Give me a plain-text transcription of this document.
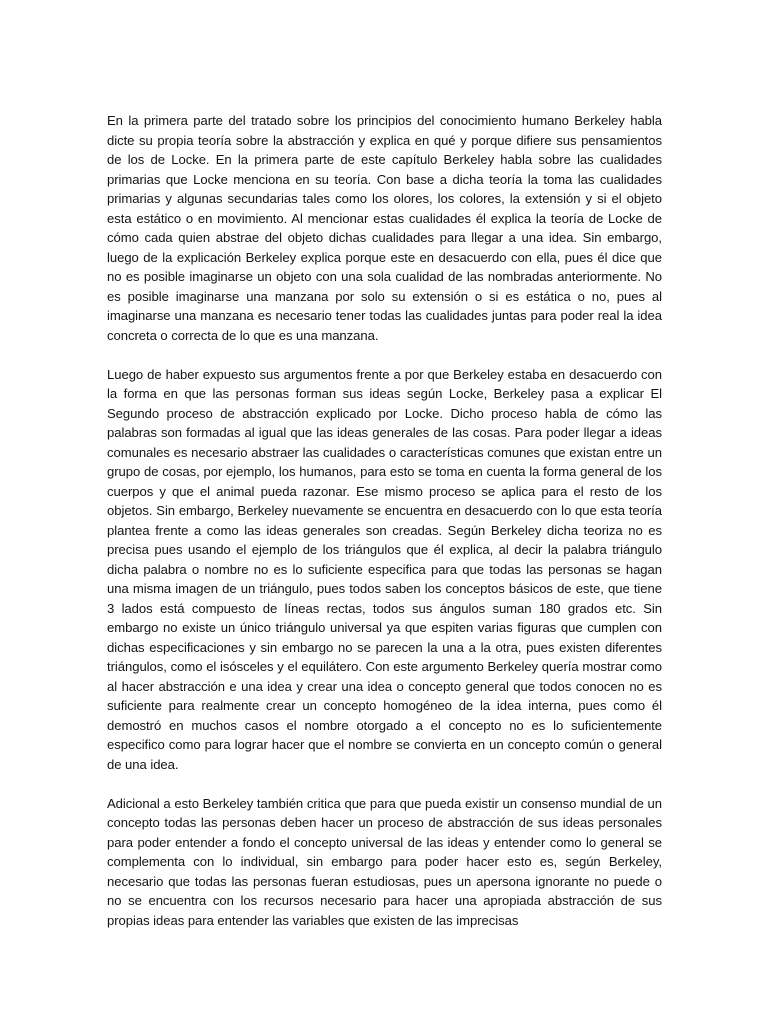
En la primera parte del tratado sobre los principios del conocimiento humano Berkeley habla dicte su propia teoría sobre la abstracción y explica en qué y porque difiere sus pensamientos de los de Locke. En la primera parte de este capítulo Berkeley habla sobre las cualidades primarias que Locke menciona en su teoría. Con base a dicha teoría la toma las cualidades primarias y algunas secundarias tales como los olores, los colores, la extensión y si el objeto esta estático o en movimiento. Al mencionar estas cualidades él explica la teoría de Locke de cómo cada quien abstrae del objeto dichas cualidades para llegar a una idea. Sin embargo, luego de la explicación Berkeley explica porque este en desacuerdo con ella, pues él dice que no es posible imaginarse un objeto con una sola cualidad de las nombradas anteriormente. No es posible imaginarse una manzana por solo su extensión o si es estática o no, pues al imaginarse una manzana es necesario tener todas las cualidades juntas para poder real la idea concreta o correcta de lo que es una manzana.

Luego de haber expuesto sus argumentos frente a por que Berkeley estaba en desacuerdo con la forma en que las personas forman sus ideas según Locke, Berkeley pasa a explicar El Segundo proceso de abstracción explicado por Locke. Dicho proceso habla de cómo las palabras son formadas al igual que las ideas generales de las cosas. Para poder llegar a ideas comunales es necesario abstraer las cualidades o características comunes que existan entre un grupo de cosas, por ejemplo, los humanos, para esto se toma en cuenta la forma general de los cuerpos y que el animal pueda razonar. Ese mismo proceso se aplica para el resto de los objetos. Sin embargo, Berkeley nuevamente se encuentra en desacuerdo con lo que esta teoría plantea frente a como las ideas generales son creadas. Según Berkeley dicha teoriza no es precisa pues usando el ejemplo de los triángulos que él explica, al decir la palabra triángulo dicha palabra o nombre no es lo suficiente especifica para que todas las personas se hagan una misma imagen de un triángulo, pues todos saben los conceptos básicos de este, que tiene 3 lados está compuesto de líneas rectas, todos sus ángulos suman 180 grados etc. Sin embargo no existe un único triángulo universal ya que espiten varias figuras que cumplen con dichas especificaciones y sin embargo no se parecen la una a la otra, pues existen diferentes triángulos, como el isósceles y el equilátero. Con este argumento Berkeley quería mostrar como al hacer abstracción e una idea y crear una idea o concepto general que todos conocen no es suficiente para realmente crear un concepto homogéneo de la idea interna, pues como él demostró en muchos casos el nombre otorgado a el concepto no es lo suficientemente especifico como para lograr hacer que el nombre se convierta en un concepto común o general de una idea.

Adicional a esto Berkeley también critica que para que pueda existir un consenso mundial de un concepto todas las personas deben hacer un proceso de abstracción de sus ideas personales para poder entender a fondo el concepto universal de las ideas y entender como lo general se complementa con lo individual, sin embargo para poder hacer esto es, según Berkeley, necesario que todas las personas fueran estudiosas, pues un apersona ignorante no puede o no se encuentra con los recursos necesario para hacer una apropiada abstracción de sus propias ideas para entender las variables que existen de las imprecisas
